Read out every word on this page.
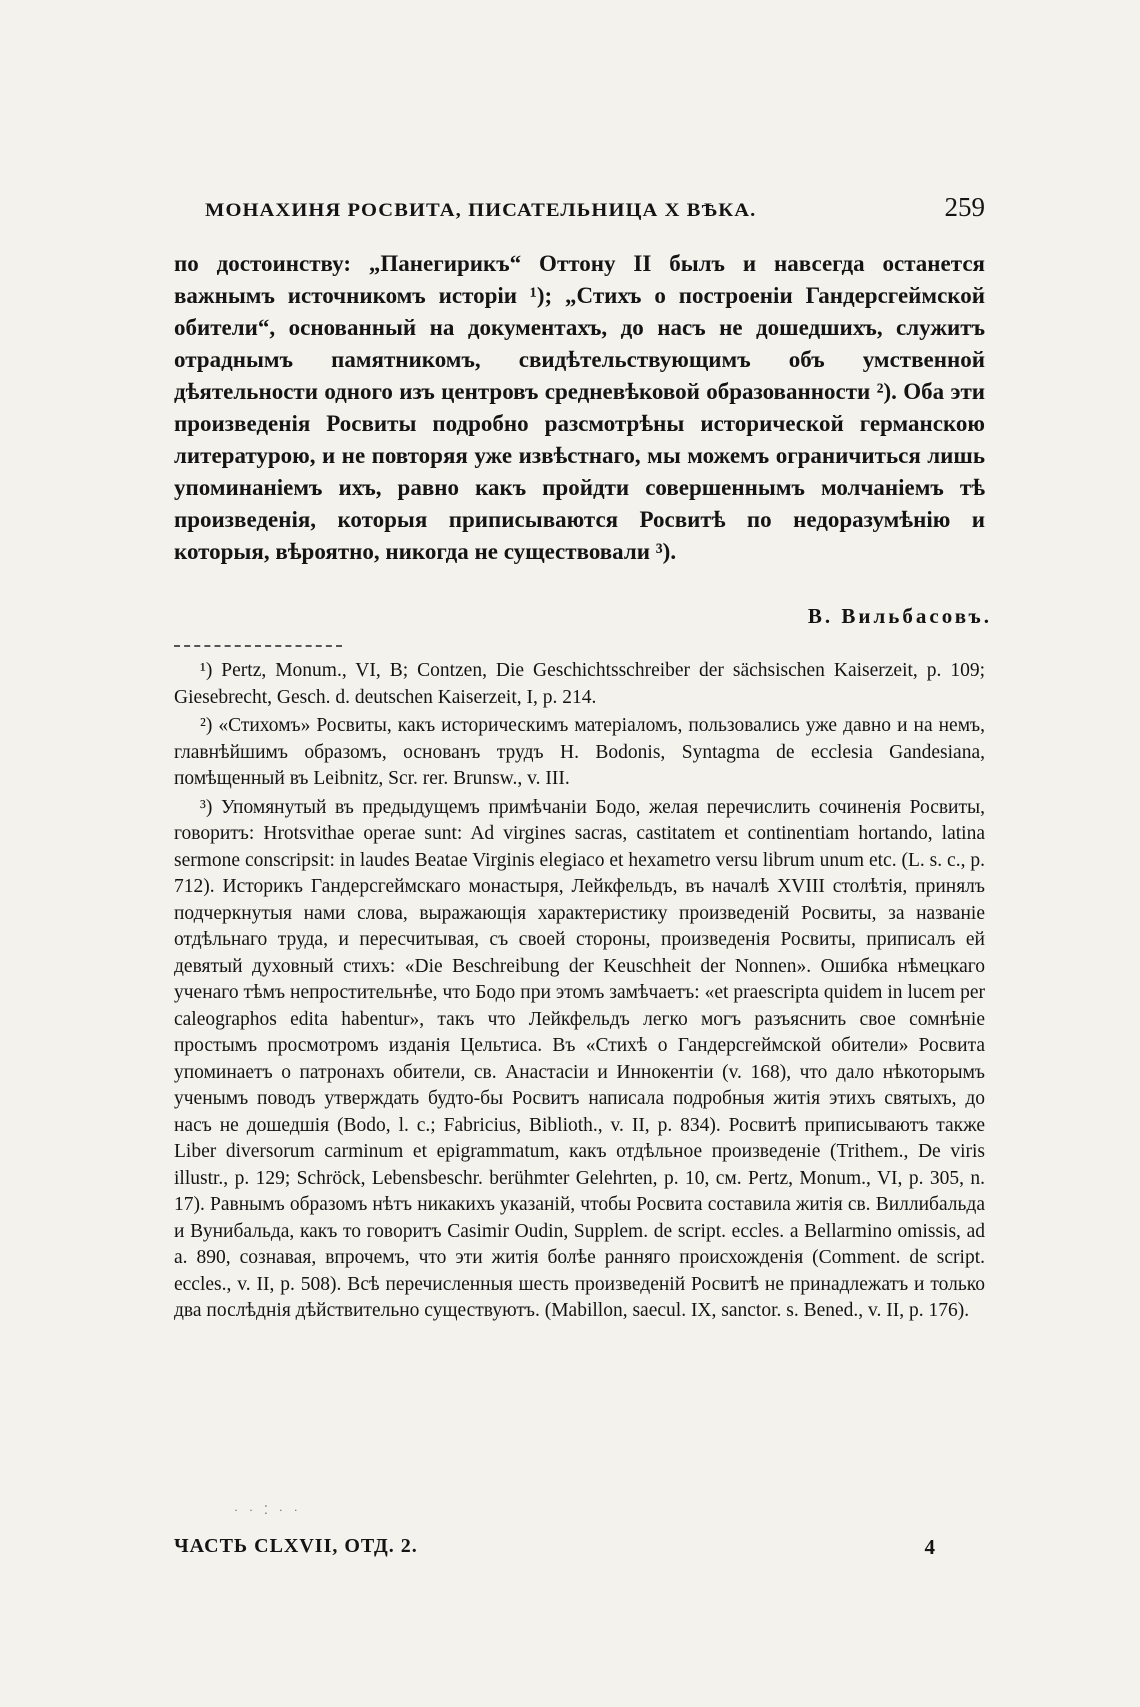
МОНАХИНЯ РОСВИТА, ПИСАТЕЛЬНИЦА X ВѢКА.	259

по достоинству: „Панегирикъ“ Оттону II былъ и навсегда останется важнымъ источникомъ исторіи ¹); „Стихъ о построеніи Гандерсгеймской обители“, основанный на документахъ, до насъ не дошедшихъ, служитъ отраднымъ памятникомъ, свидѣтельствующимъ объ умственной дѣятельности одного изъ центровъ средневѣковой образованности ²). Оба эти произведенія Росвиты подробно разсмотрѣны исторической германскою литературою, и не повторяя уже извѣстнаго, мы можемъ ограничиться лишь упоминаніемъ ихъ, равно какъ пройдти совершеннымъ молчаніемъ тѣ произведенія, которыя приписываются Росвитѣ по недоразумѣнію и которыя, вѣроятно, никогда не существовали ³).

В. Вильбасовъ.

¹) Pertz, Monum., VI, B; Contzen, Die Geschichtsschreiber der sächsischen Kaiserzeit, p. 109; Giesebrecht, Gesch. d. deutschen Kaiserzeit, I, p. 214.

²) «Стихомъ» Росвиты, какъ историческимъ матеріаломъ, пользовались уже давно и на немъ, главнѣйшимъ образомъ, основанъ трудъ H. Bodonis, Syntagma de ecclesia Gandesiana, помѣщенный въ Leibnitz, Scr. rer. Brunsw., v. III.

³) Упомянутый въ предыдущемъ примѣчаніи Бодо, желая перечислить сочиненія Росвиты, говоритъ: Hrotsvithae operae sunt: Ad virgines sacras, castitatem et continentiam hortando, latina sermone conscripsit: in laudes Beatae Virginis elegiaco et hexametro versu librum unum etc. (L. s. c., p. 712). Историкъ Гандерсгеймскаго монастыря, Лейкфельдъ, въ началѣ XVIII столѣтія, принялъ подчеркнутыя нами слова, выражающія характеристику произведеній Росвиты, за названіе отдѣльнаго труда, и пересчитывая, съ своей стороны, произведенія Росвиты, приписалъ ей девятый духовный стихъ: «Die Beschreibung der Keuschheit der Nonnen». Ошибка нѣмецкаго ученаго тѣмъ непростительнѣе, что Бодо при этомъ замѣчаетъ: «et praescripta quidem in lucem per caleographos edita habentur», такъ что Лейкфельдъ легко могъ разъяснить свое сомнѣніе простымъ просмотромъ изданія Цельтиса. Въ «Стихѣ о Гандерсгеймской обители» Росвита упоминаетъ о патронахъ обители, св. Анастасіи и Иннокентіи (v. 168), что дало нѣкоторымъ ученымъ поводъ утверждать будто-бы Росвитъ написала подробныя житія этихъ святыхъ, до насъ не дошедшія (Bodo, l. c.; Fabricius, Biblioth., v. II, p. 834). Росвитѣ приписываютъ также Liber diversorum carminum et epigrammatum, какъ отдѣльное произведеніе (Trithem., De viris illustr., p. 129; Schröck, Lebensbeschr. berühmter Gelehrten, p. 10, см. Pertz, Monum., VI, p. 305, n. 17). Равнымъ образомъ нѣтъ никакихъ указаній, чтобы Росвита составила житія св. Виллибальда и Вунибальда, какъ то говоритъ Casimir Oudin, Supplem. de script. eccles. a Bellarmino omissis, ad a. 890, сознавая, впрочемъ, что эти житія болѣе ранняго происхожденія (Comment. de script. eccles., v. II, p. 508). Всѣ перечисленныя шесть произведеній Росвитѣ не принадлежатъ и только два послѣднія дѣйствительно существуютъ. (Mabillon, saecul. IX, sanctor. s. Bened., v. II, p. 176).

· · ⁚ · ·
ЧАСТЬ CLXVII, ОТД. 2.	4
